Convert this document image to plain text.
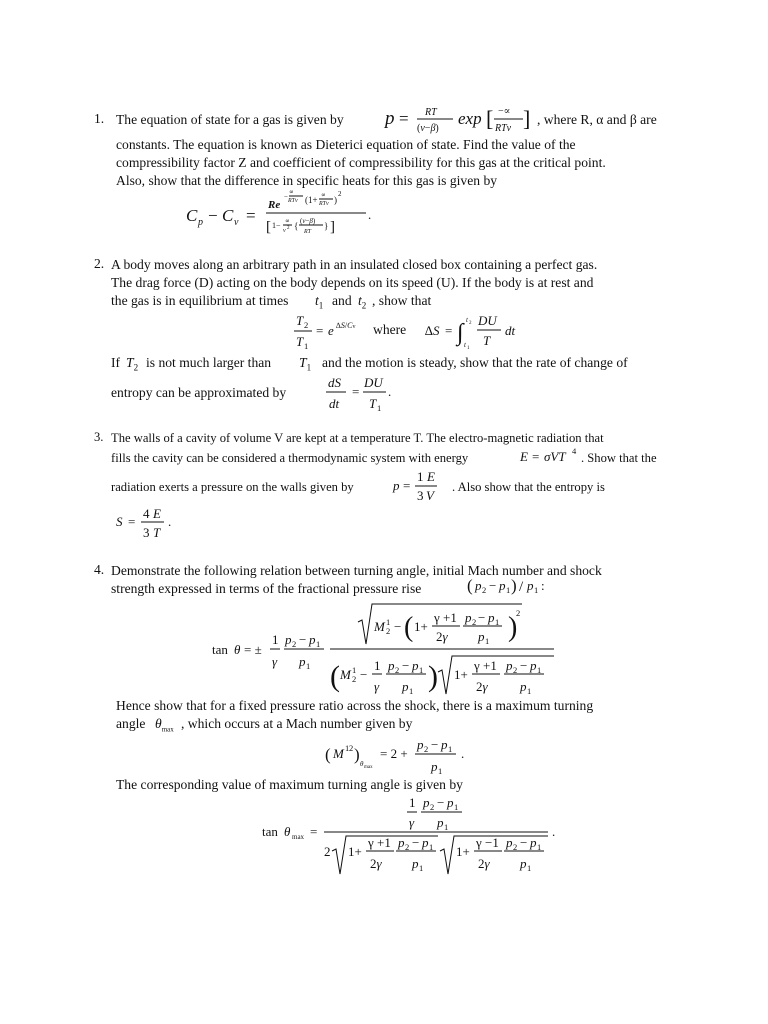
1. The equation of state for a gas is given by p = RT
(v−β)
exp [ −∝
RTv ] , where R, α and β are
constants. The equation is known as Dieterici equation of state. Find the value of the
compressibility factor Z and coefficient of compressibility for this gas at the critical point.
Also, show that the difference in specific heats for this gas is given by
C p − C v =
Re
−
∝
RTv (1+ ∝
RTv )
2
[ 1− ∝
v 2 { (v−β)
RT
} ]
.
2. A body moves along an arbitrary path in an insulated closed box containing a perfect gas.
The drag force (D) acting on the body depends on its speed (U). If the body is at rest and
the gas is in equilibrium at times $t_1$ and $t_2$ , show that
T 2
T 1
= e ∆S/Cv where ∆S = ∫ t 2
t 1
DU
T
dt
If $T_2$ is not much larger than $T_1$ and the motion is steady, show that the rate of change of
entropy can be approximated by
dS
dt
=
DU
T 1
.
3. The walls of a cavity of volume V are kept at a temperature T. The electro-magnetic radiation that
fills the cavity can be considered a thermodynamic system with energy	E = σVT 4 . Show that the
radiation exerts a pressure on the walls given by	p =
1 E
3 V
. Also show that the entropy is
S =
4 E
3 T
.
4. Demonstrate the following relation between turning angle, initial Mach number and shock
strength expressed in terms of the fractional pressure rise	( p 2 − p 1 ) / p 1 :
tan θ = ±
1
γ
p 2 − p 1
p 1
M 1
2 − ( 1+
γ +1
2γ
p 2 − p 1
p 1 )
2
( M 1
2 −
1
γ
p 2 − p 1
p 1 ) 1+
γ +1
2γ
p 2 − p 1
p 1
Hence show that for a fixed pressure ratio across the shock, there is a maximum turning
angle $\theta_{max}$ , which occurs at a Mach number given by
( M 1 2 ) θ max
= 2 +
p 2 − p 1
p 1
.
The corresponding value of maximum turning angle is given by
tan θ max =
1
γ
p 2 − p 1
p 1	.
2 1+
γ +1
2γ
p 2 − p 1
p 1
1+
γ −1
2γ
p 2 − p 1
p 1
